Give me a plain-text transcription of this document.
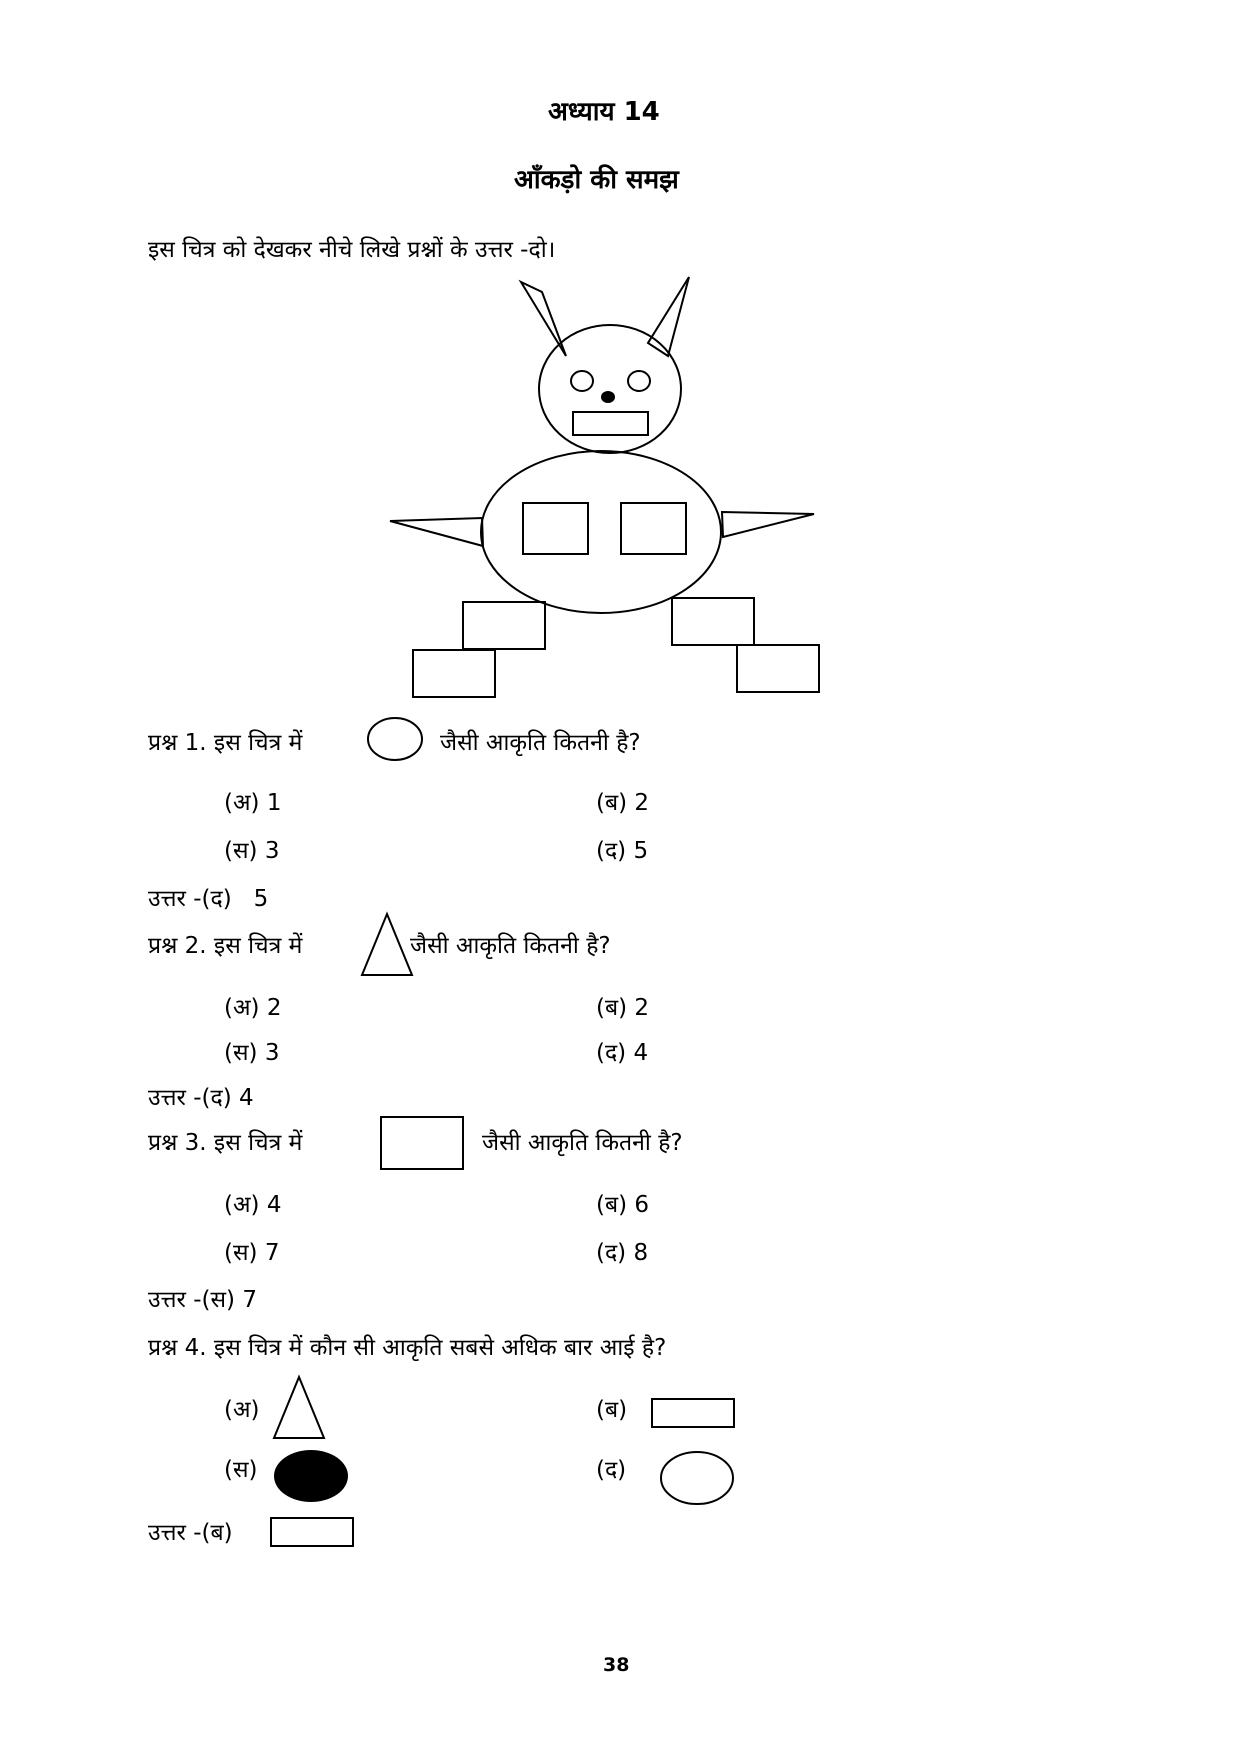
अध्याय 14
आँकड़ो की समझ
इस चित्र को देखकर नीचे लिखे प्रश्नों के उत्तर -दो।
प्रश्न 1. इस चित्र में	जैसी आकृति कितनी है?
(अ) 1	(ब) 2
(स) 3	(द) 5
उत्तर -(द)   5
प्रश्न 2. इस चित्र में	जैसी आकृति कितनी है?
(अ) 2	(ब) 2
(स) 3	(द) 4
उत्तर -(द) 4
प्रश्न 3. इस चित्र में	जैसी आकृति कितनी है?
(अ) 4	(ब) 6
(स) 7	(द) 8
उत्तर -(स) 7
प्रश्न 4. इस चित्र में कौन सी आकृति सबसे अधिक बार आई है?
(अ)	(ब)
(स)	(द)
उत्तर -(ब)
38
